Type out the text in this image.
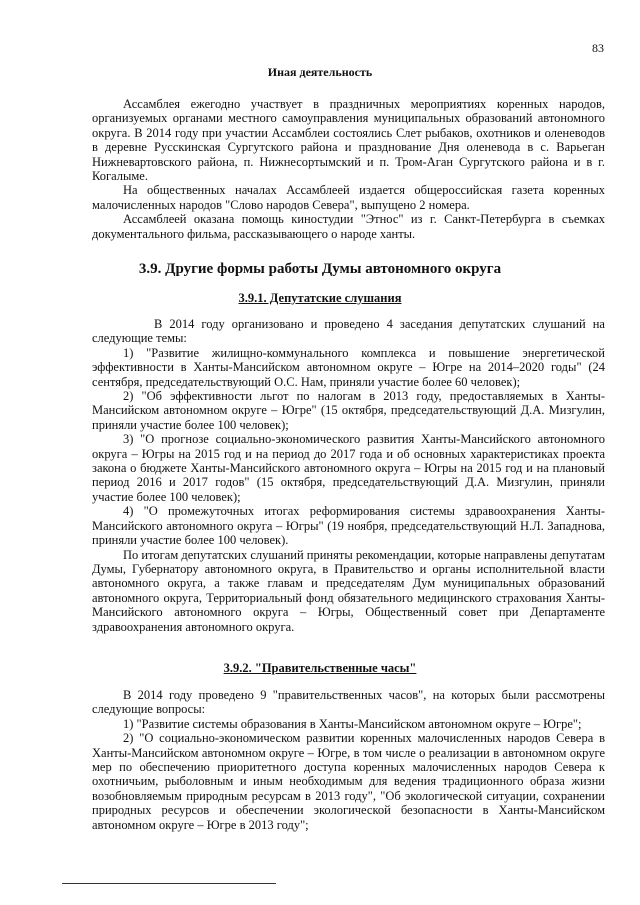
83
Иная деятельность

Ассамблея ежегодно участвует в праздничных мероприятиях коренных народов, организуемых органами местного самоуправления муниципальных образований автономного округа. В 2014 году при участии Ассамблеи состоялись Слет рыбаков, охотников и оленеводов в деревне Русскинская Сургутского района и празднование Дня оленевода в с. Варьеган Нижневартовского района, п. Нижнесортымский и п. Тром-Аган Сургутского района и в г. Когалыме.

На общественных началах Ассамблеей издается общероссийская газета коренных малочисленных народов "Слово народов Севера", выпущено 2 номера.

Ассамблеей оказана помощь киностудии "Этнос" из г. Санкт-Петербурга в съемках документального фильма, рассказывающего о народе ханты.

3.9. Другие формы работы Думы автономного округа
3.9.1. Депутатские слушания

В 2014 году организовано и проведено 4 заседания депутатских слушаний на следующие темы:

1) "Развитие жилищно-коммунального комплекса и повышение энергетической эффективности в Ханты-Мансийском автономном округе – Югре на 2014–2020 годы" (24 сентября, председательствующий О.С. Нам, приняли участие более 60 человек);

2) "Об эффективности льгот по налогам в 2013 году, предоставляемых в Ханты-Мансийском автономном округе – Югре" (15 октября, председательствующий Д.А. Мизгулин, приняли участие более 100 человек);

3) "О прогнозе социально-экономического развития Ханты-Мансийского автономного округа – Югры на 2015 год и на период до 2017 года и об основных характеристиках проекта закона о бюджете Ханты-Мансийского автономного округа – Югры на 2015 год и на плановый период 2016 и 2017 годов" (15 октября, председательствующий Д.А. Мизгулин, приняли участие более 100 человек);

4) "О промежуточных итогах реформирования системы здравоохранения Ханты-Мансийского автономного округа – Югры" (19 ноября, председательствующий Н.Л. Западнова, приняли участие более 100 человек).

По итогам депутатских слушаний приняты рекомендации, которые направлены депутатам Думы, Губернатору автономного округа, в Правительство и органы исполнительной власти автономного округа, а также главам и председателям Дум муниципальных образований автономного округа, Территориальный фонд обязательного медицинского страхования Ханты-Мансийского автономного округа – Югры, Общественный совет при Департаменте здравоохранения автономного округа.

3.9.2. "Правительственные часы"

В 2014 году проведено 9 "правительственных часов", на которых были рассмотрены следующие вопросы:

1) "Развитие системы образования в Ханты-Мансийском автономном округе – Югре";

2) "О социально-экономическом развитии коренных малочисленных народов Севера в Ханты-Мансийском автономном округе – Югре, в том числе о реализации в автономном округе мер по обеспечению приоритетного доступа коренных малочисленных народов Севера к охотничьим, рыболовным и иным необходимым для ведения традиционного образа жизни возобновляемым природным ресурсам в 2013 году", "Об экологической ситуации, сохранении природных ресурсов и обеспечении экологической безопасности в Ханты-Мансийском автономном округе – Югре в 2013 году";
